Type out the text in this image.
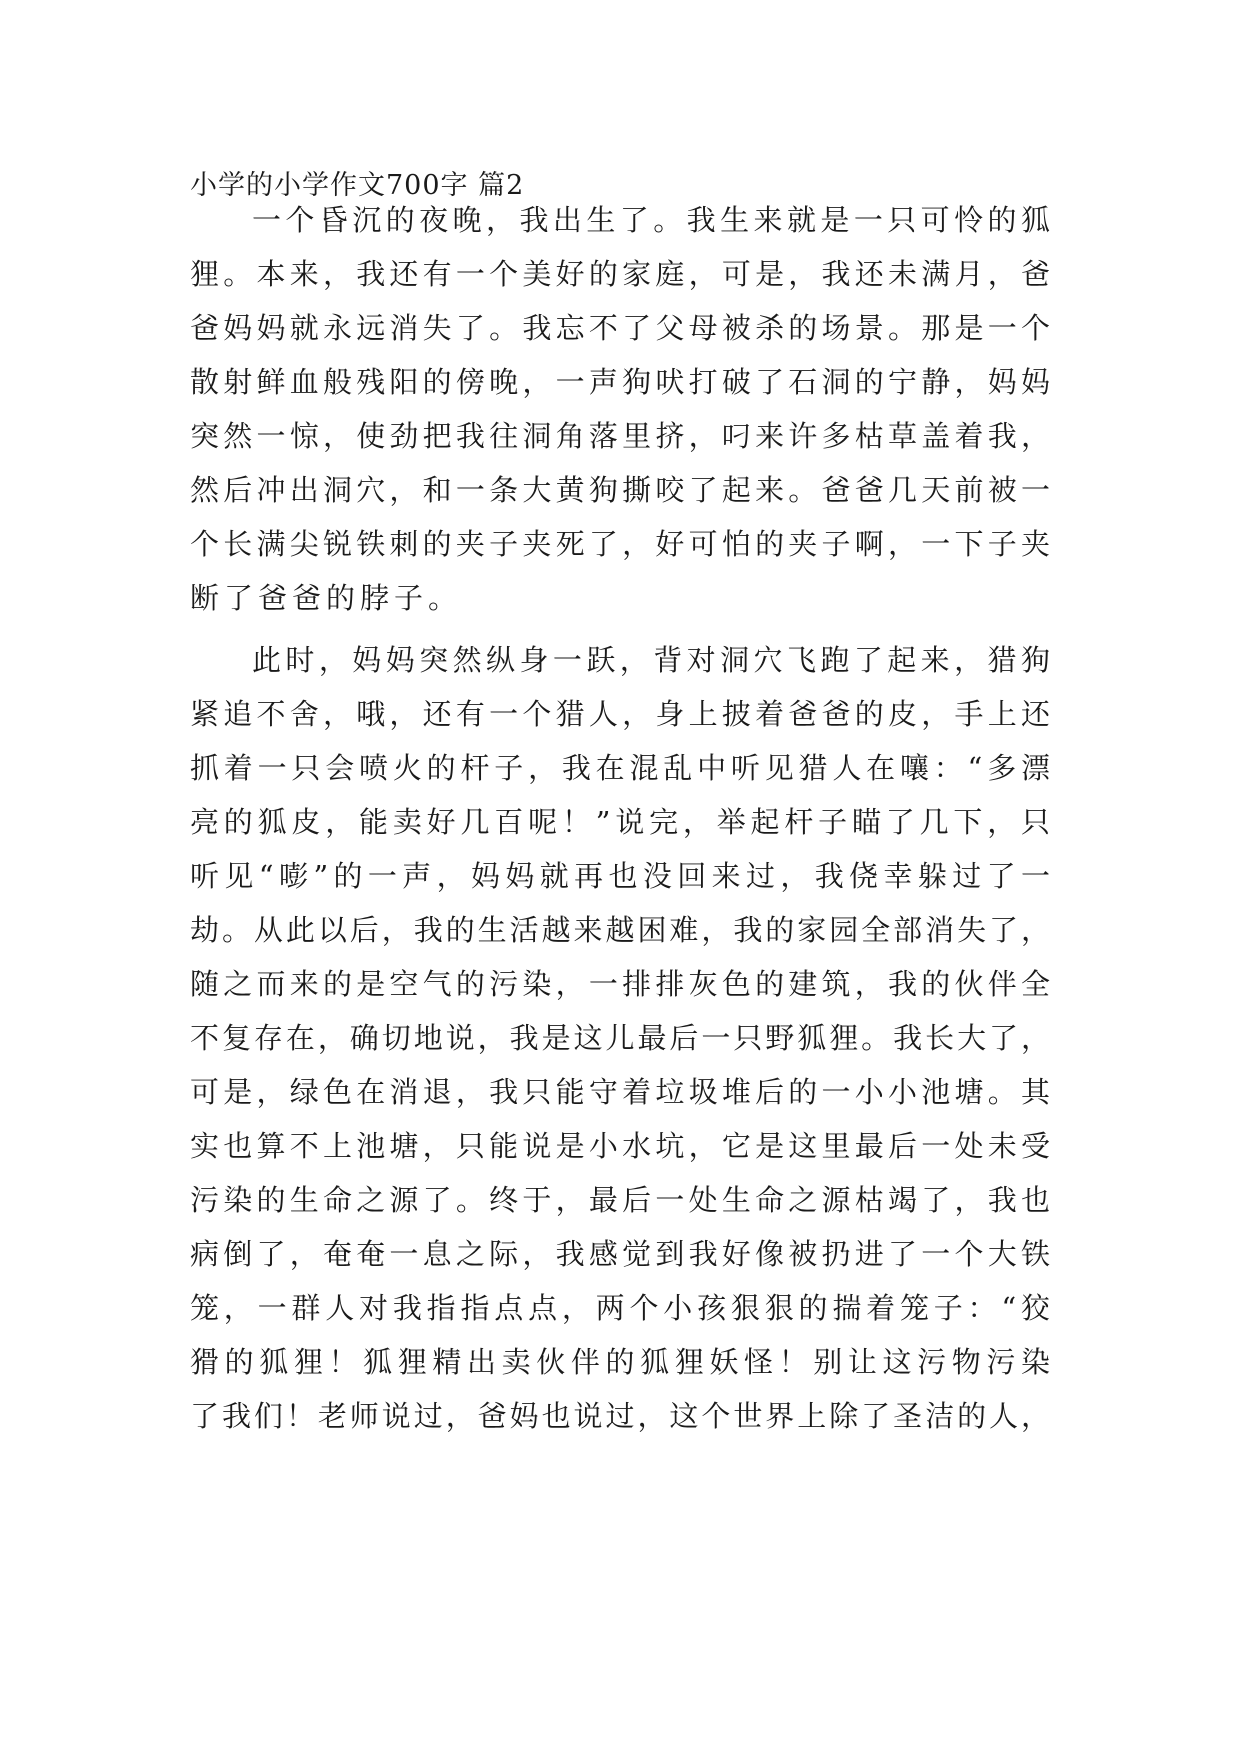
小学的小学作文700字 篇2
一个昏沉的夜晚，我出生了。我生来就是一只可怜的狐
狸。本来，我还有一个美好的家庭，可是，我还未满月，爸
爸妈妈就永远消失了。我忘不了父母被杀的场景。那是一个
散射鲜血般残阳的傍晚，一声狗吠打破了石洞的宁静，妈妈
突然一惊，使劲把我往洞角落里挤，叼来许多枯草盖着我，
然后冲出洞穴，和一条大黄狗撕咬了起来。爸爸几天前被一
个长满尖锐铁刺的夹子夹死了，好可怕的夹子啊，一下子夹
断了爸爸的脖子。
此时，妈妈突然纵身一跃，背对洞穴飞跑了起来，猎狗
紧追不舍，哦，还有一个猎人，身上披着爸爸的皮，手上还
抓着一只会喷火的杆子，我在混乱中听见猎人在嚷：“多漂
亮的狐皮，能卖好几百呢！”说完，举起杆子瞄了几下，只
听见“嘭”的一声，妈妈就再也没回来过，我侥幸躲过了一
劫。从此以后，我的生活越来越困难，我的家园全部消失了，
随之而来的是空气的污染，一排排灰色的建筑，我的伙伴全
不复存在，确切地说，我是这儿最后一只野狐狸。我长大了，
可是，绿色在消退，我只能守着垃圾堆后的一小小池塘。其
实也算不上池塘，只能说是小水坑，它是这里最后一处未受
污染的生命之源了。终于，最后一处生命之源枯竭了，我也
病倒了，奄奄一息之际，我感觉到我好像被扔进了一个大铁
笼，一群人对我指指点点，两个小孩狠狠的揣着笼子：“狡
猾的狐狸！狐狸精出卖伙伴的狐狸妖怪！别让这污物污染
了我们！老师说过，爸妈也说过，这个世界上除了圣洁的人，
